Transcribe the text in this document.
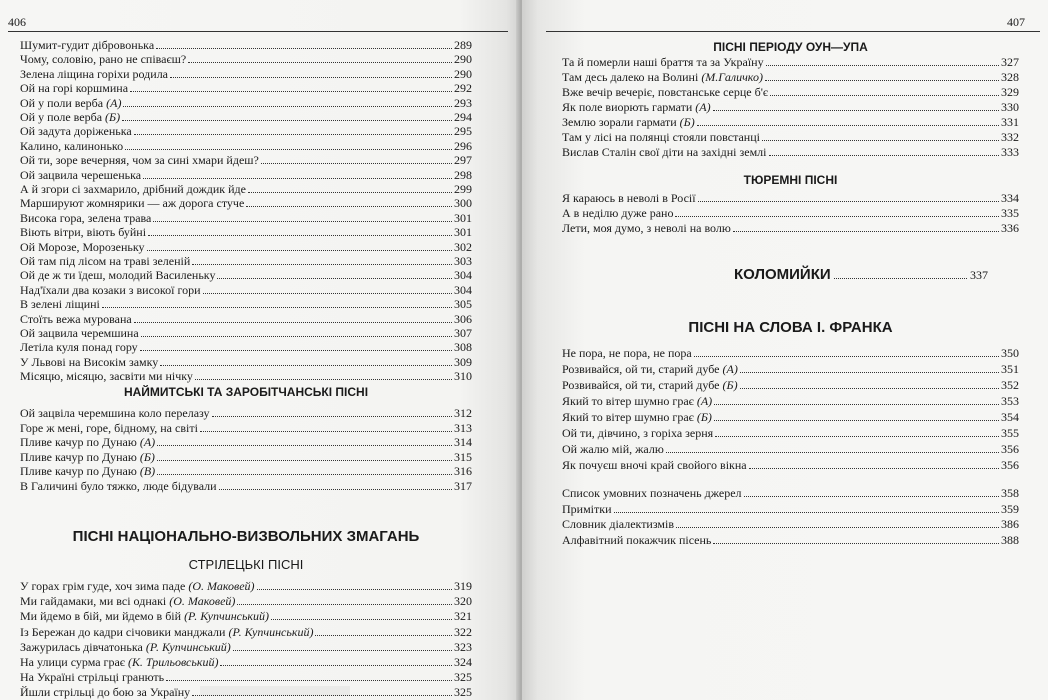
406
Шумит-гудит дібровонька	289
Чому, соловію, рано не співаєш?	290
Зелена ліщина горіхи родила	290
Ой на горі коршмина	292
Ой у поли верба (А)	293
Ой у поле верба (Б)	294
Ой задута доріженька	295
Калино, калинонько	296
Ой ти, зоре вечерняя, чом за сині хмари йдеш?	297
Ой зацвила черешенька	298
А й згори сі захмарило, дрібний дождик йде	299
Маршируют жомнярики — аж дорога стуче	300
Висока гора, зелена трава	301
Віють вітри, віють буйні	301
Ой Морозе, Морозеньку	302
Ой там під лісом на траві зеленій	303
Ой де ж ти їдеш, молодий Василеньку	304
Над'їхали два козаки з високої гори	304
В зелені ліщині	305
Стоїть вежа мурована	306
Ой зацвила черемшина	307
Летіла куля понад гору	308
У Львові на Високім замку	309
Місяцю, місяцю, засвіти ми нічку	310
НАЙМИТСЬКІ ТА ЗАРОБІТЧАНСЬКІ ПІСНІ
Ой зацвіла черемшина коло перелазу	312
Горе ж мені, горе, бідному, на світі	313
Пливе качур по Дунаю (А)	314
Пливе качур по Дунаю (Б)	315
Пливе качур по Дунаю (В)	316
В Галичині було тяжко, люде бідували	317
ПІСНІ НАЦІОНАЛЬНО-ВИЗВОЛЬНИХ ЗМАГАНЬ
СТРІЛЕЦЬКІ ПІСНІ
У горах грім гуде, хоч зима паде (О. Маковей)	319
Ми гайдамаки, ми всі однакі (О. Маковей)	320
Ми йдемо в бій, ми йдемо в бій (Р. Купчинський)	321
Із Бережан до кадри січовики манджали (Р. Купчинський)	322
Зажурилась дівчатонька (Р. Купчинський)	323
На улици сурма грає (К. Трильовський)	324
На Україні стрільці гранють	325
Йшли стрільці до бою за Україну	325
407
ПІСНІ ПЕРІОДУ ОУН—УПА
Та й померли наші браття та за Україну	327
Там десь далеко на Волині (М.Галичко)	328
Вже вечір вечеріє, повстанське серце б'є	329
Як поле виорють гармати (А)	330
Землю зорали гармати (Б)	331
Там у лісі на полянці стояли повстанці	332
Вислав Сталін свої діти на західні землі	333
ТЮРЕМНІ ПІСНІ
Я караюсь в неволі в Росії	334
А в неділю дуже рано	335
Лети, моя думо, з неволі на волю	336
КОЛОМИЙКИ	337
ПІСНІ НА СЛОВА І. ФРАНКА
Не пора, не пора, не пора	350
Розвивайся, ой ти, старий дубе (А)	351
Розвивайся, ой ти, старий дубе (Б)	352
Який то вітер шумно грає (А)	353
Який то вітер шумно грає (Б)	354
Ой ти, дівчино, з горіха зерня	355
Ой жалю мій, жалю	356
Як почуєш вночі край свойого вікна	356
Список умовних позначень джерел	358
Примітки	359
Словник діалектизмів	386
Алфавітний покажчик пісень	388
